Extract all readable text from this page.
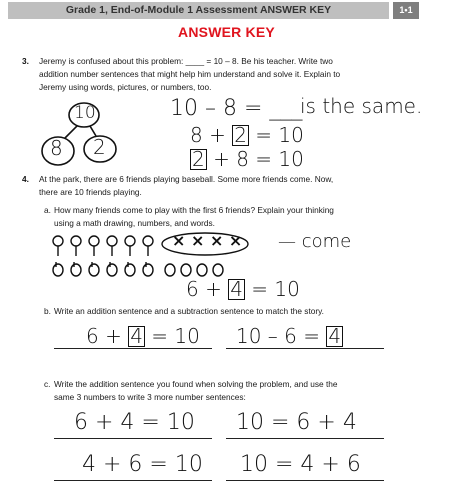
Grade 1, End-of-Module 1 Assessment ANSWER KEY	1•1
ANSWER KEY
3. Jeremy is confused about this problem: ____ = 10 – 8. Be his teacher. Write two
addition number sentences that might help him understand and solve it. Explain to
Jeremy using words, pictures, or numbers, too.
10
8 2
10 – 8 = ___
is the same.
8 + 2 = 10
2 + 8 = 10
4. At the park, there are 6 friends playing baseball. Some more friends come. Now,
there are 10 friends playing.
a. How many friends come to play with the first 6 friends? Explain your thinking
using a math drawing, numbers, and words.
× × × × — come
6 + 4 = 10
b. Write an addition sentence and a subtraction sentence to match the story.
6 + 4 = 10 10 – 6 = 4
c. Write the addition sentence you found when solving the problem, and use the
same 3 numbers to write 3 more number sentences:
6 + 4 = 10 10 = 6 + 4
4 + 6 = 10 10 = 4 + 6
